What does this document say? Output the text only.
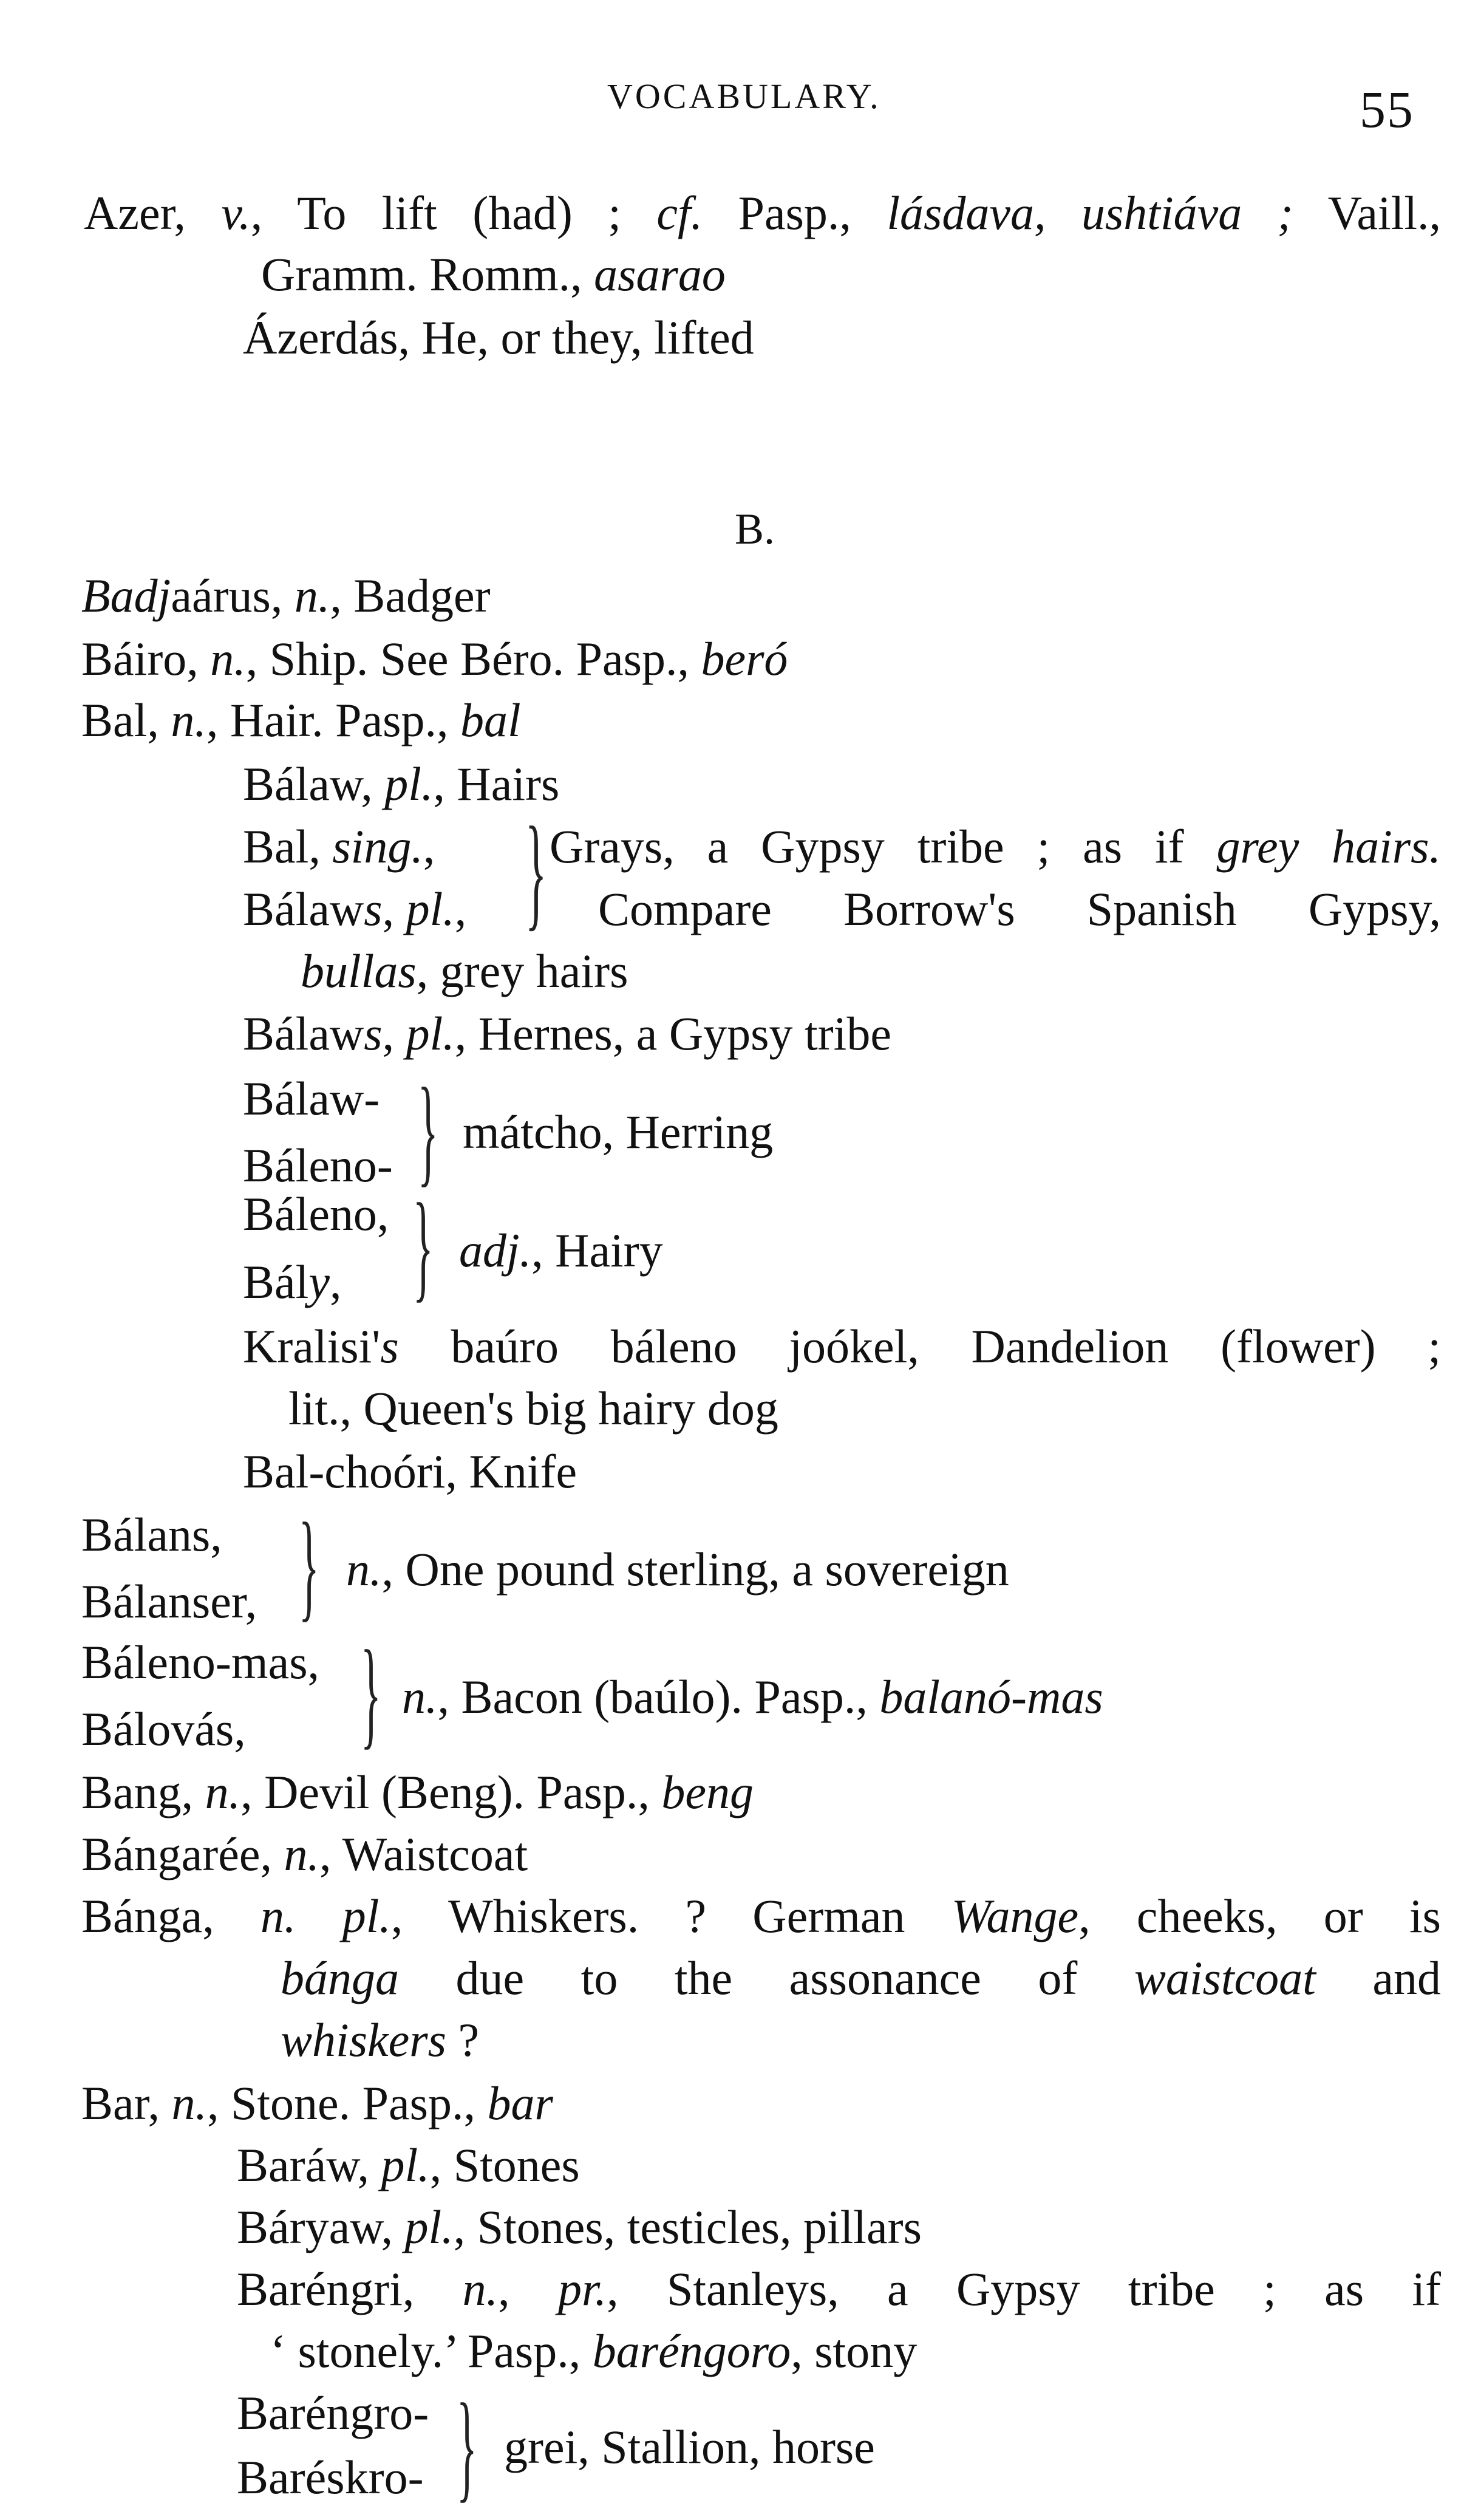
VOCABULARY.	55
Azer, v., To lift (had) ; cf. Pasp., lásdava, ushtiáva ; Vaill.,
Gramm. Romm., asarao
Ázerdás, He, or they, lifted
B.
Badjaárus, n., Badger
Báiro, n., Ship. See Béro. Pasp., beró
Bal, n., Hair. Pasp., bal
Bálaw, pl., Hairs
Bal, sing.,
Bálaws, pl., } Grays, a Gypsy tribe ; as if grey hairs.
Compare Borrow's Spanish Gypsy,
bullas, grey hairs
Bálaws, pl., Hernes, a Gypsy tribe
Bálaw-
Báleno- } mátcho, Herring
Báleno,
Bály, } adj., Hairy
Kralisi's baúro báleno joókel, Dandelion (flower) ;
lit., Queen's big hairy dog
Bal-choóri, Knife
Bálans,
Bálanser, } n., One pound sterling, a sovereign
Báleno-mas,
Bálovás, } n., Bacon (baúlo). Pasp., balanó-mas
Bang, n., Devil (Beng). Pasp., beng
Bángarée, n., Waistcoat
Bánga, n. pl., Whiskers. ? German Wange, cheeks, or is
bánga due to the assonance of waistcoat and
whiskers ?
Bar, n., Stone. Pasp., bar
Baráw, pl., Stones
Báryaw, pl., Stones, testicles, pillars
Baréngri, n., pr., Stanleys, a Gypsy tribe ; as if
‘ stonely.’ Pasp., baréngoro, stony
Baréngro-
Baréskro- } grei, Stallion, horse
